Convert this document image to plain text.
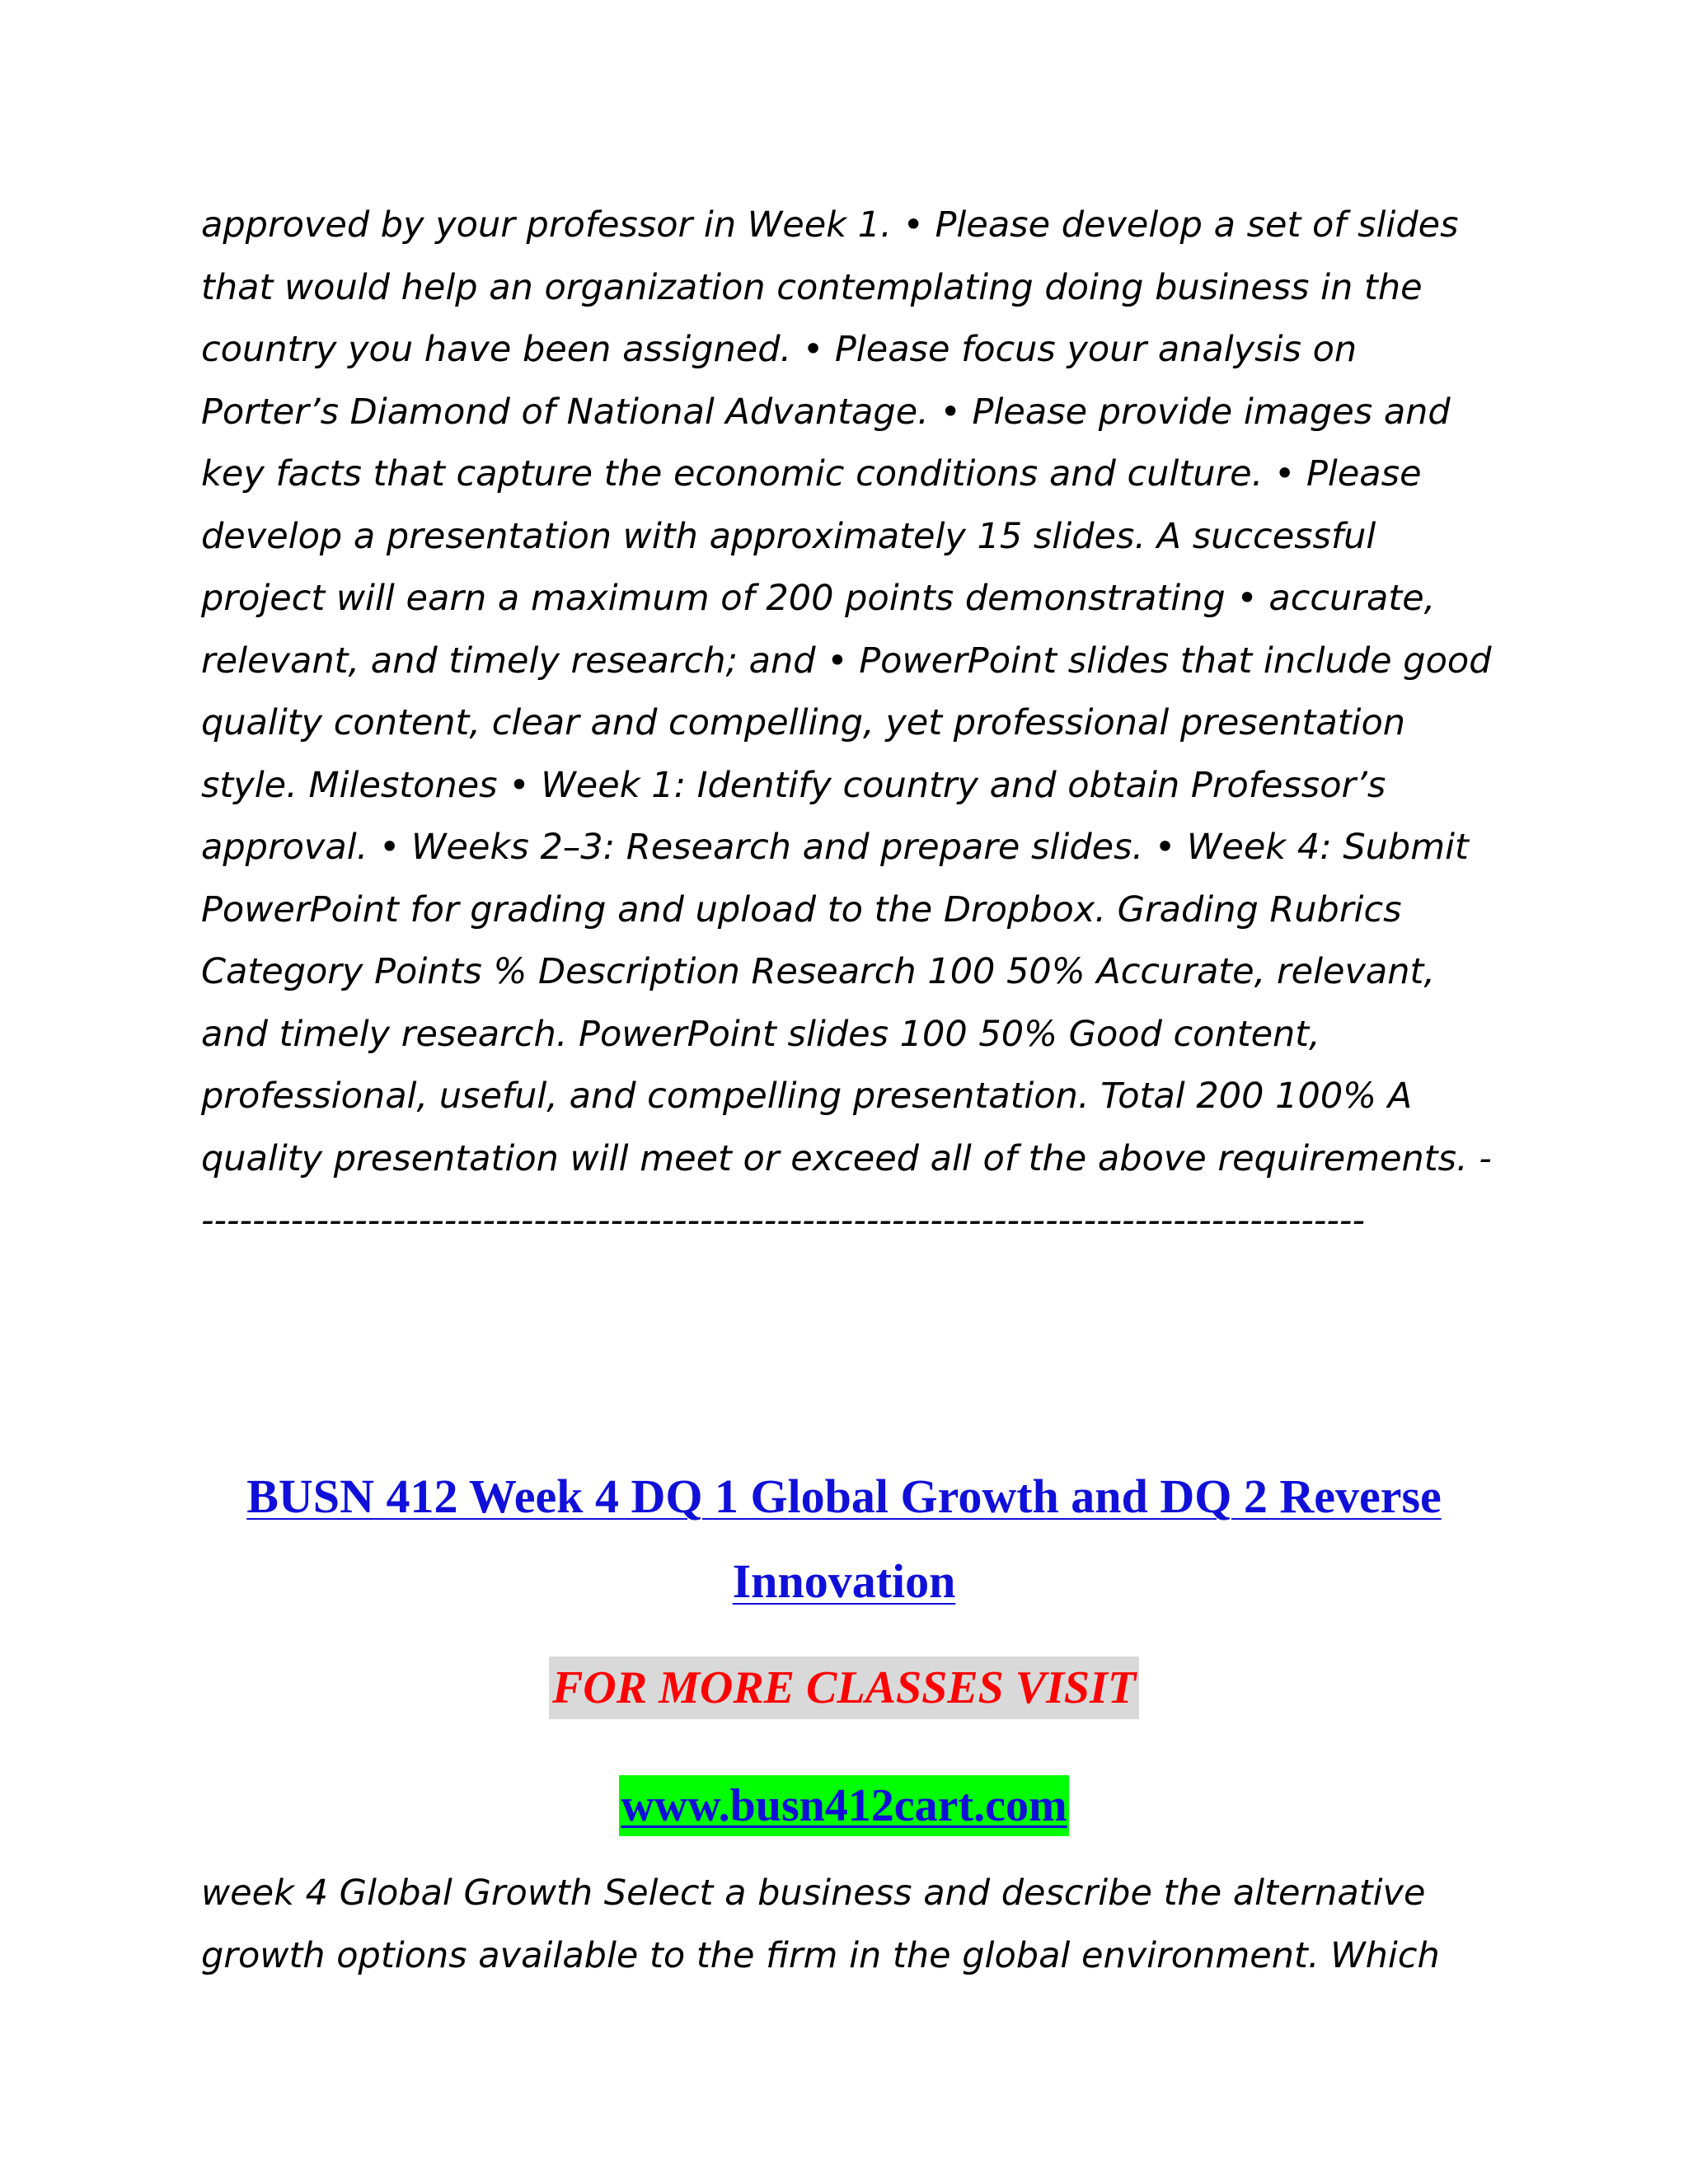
approved by your professor in Week 1. • Please develop a set of slides
that would help an organization contemplating doing business in the
country you have been assigned. • Please focus your analysis on
Porter’s Diamond of National Advantage. • Please provide images and
key facts that capture the economic conditions and culture. • Please
develop a presentation with approximately 15 slides. A successful
project will earn a maximum of 200 points demonstrating • accurate,
relevant, and timely research; and • PowerPoint slides that include good
quality content, clear and compelling, yet professional presentation
style. Milestones • Week 1: Identify country and obtain Professor’s
approval. • Weeks 2–3: Research and prepare slides. • Week 4: Submit
PowerPoint for grading and upload to the Dropbox. Grading Rubrics
Category Points % Description Research 100 50% Accurate, relevant,
and timely research. PowerPoint slides 100 50% Good content,
professional, useful, and compelling presentation. Total 200 100% A
quality presentation will meet or exceed all of the above requirements. -
-------------------------------------------------------------------------------------------
BUSN 412 Week 4 DQ 1 Global Growth and DQ 2 Reverse
Innovation
FOR MORE CLASSES VISIT
www.busn412cart.com
week 4 Global Growth Select a business and describe the alternative
growth options available to the firm in the global environment. Which
